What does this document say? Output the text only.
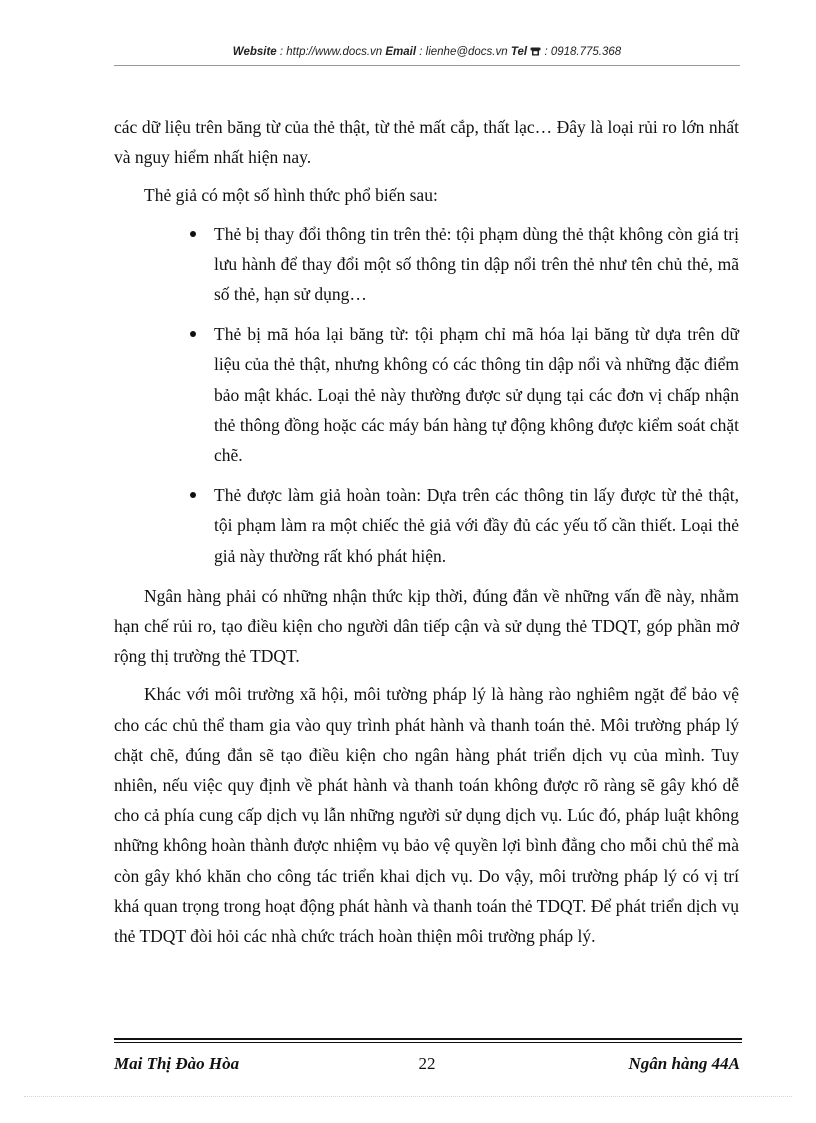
Website : http://www.docs.vn Email : lienhe@docs.vn Tel  : 0918.775.368

các dữ liệu trên băng từ của thẻ thật, từ thẻ mất cắp, thất lạc… Đây là loại rủi ro lớn nhất và nguy hiểm nhất hiện nay.

Thẻ giả có một số hình thức phổ biến sau:

Thẻ bị thay đổi thông tin trên thẻ: tội phạm dùng thẻ thật không còn giá trị lưu hành để thay đổi một số thông tin dập nổi trên thẻ như tên chủ thẻ, mã số thẻ, hạn sử dụng…
Thẻ bị mã hóa lại băng từ: tội phạm chỉ mã hóa lại băng từ dựa trên dữ liệu của thẻ thật, nhưng không có các thông tin dập nổi và những đặc điểm bảo mật khác. Loại thẻ này thường được sử dụng tại các đơn vị chấp nhận thẻ thông đồng hoặc các máy bán hàng tự động không được kiểm soát chặt chẽ.
Thẻ được làm giả hoàn toàn: Dựa trên các thông tin lấy được từ thẻ thật, tội phạm làm ra một chiếc thẻ giả với đầy đủ các yếu tố cần thiết. Loại thẻ giả này thường rất khó phát hiện.

Ngân hàng phải có những nhận thức kịp thời, đúng đắn về những vấn đề này, nhằm hạn chế rủi ro, tạo điều kiện cho người dân tiếp cận và sử dụng thẻ TDQT, góp phần mở rộng thị trường thẻ TDQT.

Khác với môi trường xã hội, môi tường pháp lý là hàng rào nghiêm ngặt để bảo vệ cho các chủ thể tham gia vào quy trình phát hành và thanh toán thẻ. Môi trường pháp lý chặt chẽ, đúng đắn sẽ tạo điều kiện cho ngân hàng phát triển dịch vụ của mình. Tuy nhiên, nếu việc quy định về phát hành và thanh toán không được rõ ràng sẽ gây khó dễ cho cả phía cung cấp dịch vụ lẫn những người sử dụng dịch vụ. Lúc đó, pháp luật không những không hoàn thành được nhiệm vụ bảo vệ quyền lợi bình đẳng cho mỗi chủ thể mà còn gây khó khăn cho công tác triển khai dịch vụ. Do vậy, môi trường pháp lý có vị trí khá quan trọng trong hoạt động phát hành và thanh toán thẻ TDQT. Để phát triển dịch vụ thẻ TDQT đòi hỏi các nhà chức trách hoàn thiện môi trường pháp lý.

Mai Thị Đào Hòa	22	Ngân hàng 44A
